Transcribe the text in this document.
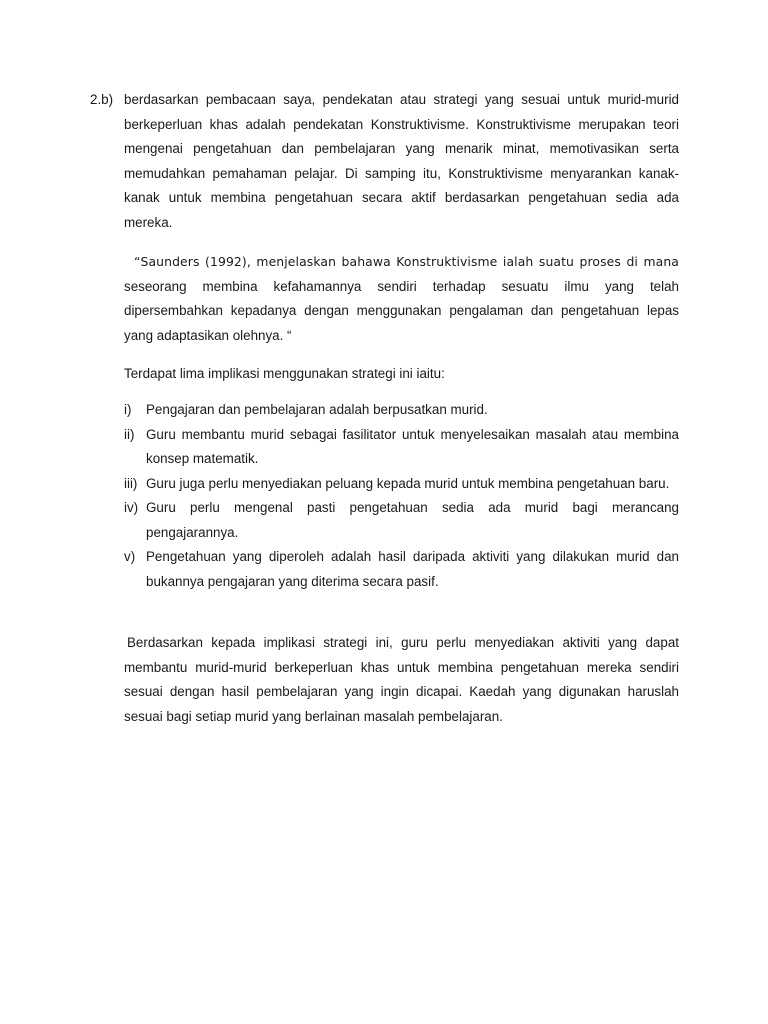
2.b) berdasarkan pembacaan saya, pendekatan atau strategi yang sesuai untuk murid-murid berkeperluan khas adalah pendekatan Konstruktivisme. Konstruktivisme merupakan teori mengenai pengetahuan dan pembelajaran yang menarik minat, memotivasikan serta memudahkan pemahaman pelajar. Di samping itu, Konstruktivisme menyarankan kanak-kanak untuk membina pengetahuan secara aktif berdasarkan pengetahuan sedia ada mereka.

“Saunders (1992), menjelaskan bahawa Konstruktivisme ialah suatu proses di mana seseorang membina kefahamannya sendiri terhadap sesuatu ilmu yang telah dipersembahkan kepadanya dengan menggunakan pengalaman dan pengetahuan lepas yang adaptasikan olehnya. “

Terdapat lima implikasi menggunakan strategi ini iaitu:

i) Pengajaran dan pembelajaran adalah berpusatkan murid.
ii) Guru membantu murid sebagai fasilitator untuk menyelesaikan masalah atau membina konsep matematik.
iii) Guru juga perlu menyediakan peluang kepada murid untuk membina pengetahuan baru.
iv) Guru perlu mengenal pasti pengetahuan sedia ada murid bagi merancang pengajarannya.
v) Pengetahuan yang diperoleh adalah hasil daripada aktiviti yang dilakukan murid dan bukannya pengajaran yang diterima secara pasif.

Berdasarkan kepada implikasi strategi ini, guru perlu menyediakan aktiviti yang dapat membantu murid-murid berkeperluan khas untuk membina pengetahuan mereka sendiri sesuai dengan hasil pembelajaran yang ingin dicapai. Kaedah yang digunakan haruslah sesuai bagi setiap murid yang berlainan masalah pembelajaran.
